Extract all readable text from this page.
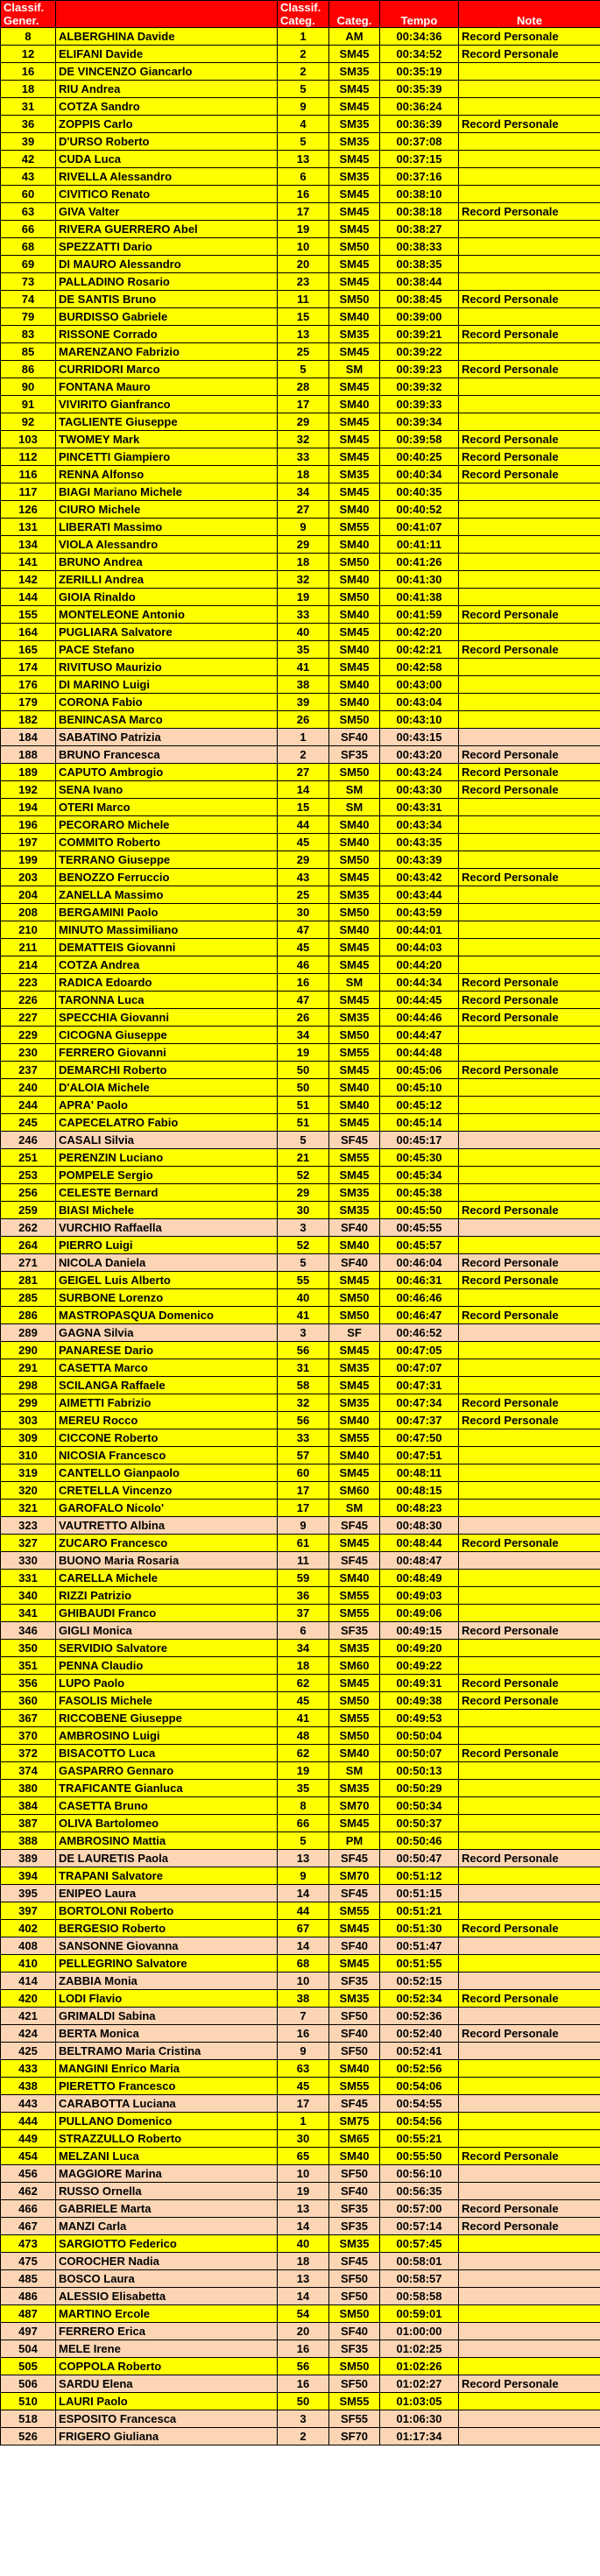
Classif.
Gener.		Classif.
Categ.	Categ.	Tempo	Note
8	ALBERGHINA Davide	1	AM	00:34:36	Record Personale
12	ELIFANI Davide	2	SM45	00:34:52	Record Personale
16	DE VINCENZO Giancarlo	2	SM35	00:35:19	
18	RIU Andrea	5	SM45	00:35:39	
31	COTZA Sandro	9	SM45	00:36:24	
36	ZOPPIS Carlo	4	SM35	00:36:39	Record Personale
39	D'URSO Roberto	5	SM35	00:37:08	
42	CUDA Luca	13	SM45	00:37:15	
43	RIVELLA Alessandro	6	SM35	00:37:16	
60	CIVITICO Renato	16	SM45	00:38:10	
63	GIVA Valter	17	SM45	00:38:18	Record Personale
66	RIVERA GUERRERO Abel	19	SM45	00:38:27	
68	SPEZZATTI Dario	10	SM50	00:38:33	
69	DI MAURO Alessandro	20	SM45	00:38:35	
73	PALLADINO Rosario	23	SM45	00:38:44	
74	DE SANTIS Bruno	11	SM50	00:38:45	Record Personale
79	BURDISSO Gabriele	15	SM40	00:39:00	
83	RISSONE Corrado	13	SM35	00:39:21	Record Personale
85	MARENZANO Fabrizio	25	SM45	00:39:22	
86	CURRIDORI Marco	5	SM	00:39:23	Record Personale
90	FONTANA Mauro	28	SM45	00:39:32	
91	VIVIRITO Gianfranco	17	SM40	00:39:33	
92	TAGLIENTE Giuseppe	29	SM45	00:39:34	
103	TWOMEY Mark	32	SM45	00:39:58	Record Personale
112	PINCETTI Giampiero	33	SM45	00:40:25	Record Personale
116	RENNA Alfonso	18	SM35	00:40:34	Record Personale
117	BIAGI Mariano Michele	34	SM45	00:40:35	
126	CIURO Michele	27	SM40	00:40:52	
131	LIBERATI Massimo	9	SM55	00:41:07	
134	VIOLA Alessandro	29	SM40	00:41:11	
141	BRUNO Andrea	18	SM50	00:41:26	
142	ZERILLI Andrea	32	SM40	00:41:30	
144	GIOIA Rinaldo	19	SM50	00:41:38	
155	MONTELEONE Antonio	33	SM40	00:41:59	Record Personale
164	PUGLIARA Salvatore	40	SM45	00:42:20	
165	PACE Stefano	35	SM40	00:42:21	Record Personale
174	RIVITUSO Maurizio	41	SM45	00:42:58	
176	DI MARINO Luigi	38	SM40	00:43:00	
179	CORONA Fabio	39	SM40	00:43:04	
182	BENINCASA Marco	26	SM50	00:43:10	
184	SABATINO Patrizia	1	SF40	00:43:15	
188	BRUNO Francesca	2	SF35	00:43:20	Record Personale
189	CAPUTO Ambrogio	27	SM50	00:43:24	Record Personale
192	SENA Ivano	14	SM	00:43:30	Record Personale
194	OTERI Marco	15	SM	00:43:31	
196	PECORARO Michele	44	SM40	00:43:34	
197	COMMITO Roberto	45	SM40	00:43:35	
199	TERRANO Giuseppe	29	SM50	00:43:39	
203	BENOZZO Ferruccio	43	SM45	00:43:42	Record Personale
204	ZANELLA Massimo	25	SM35	00:43:44	
208	BERGAMINI Paolo	30	SM50	00:43:59	
210	MINUTO Massimiliano	47	SM40	00:44:01	
211	DEMATTEIS Giovanni	45	SM45	00:44:03	
214	COTZA Andrea	46	SM45	00:44:20	
223	RADICA Edoardo	16	SM	00:44:34	Record Personale
226	TARONNA Luca	47	SM45	00:44:45	Record Personale
227	SPECCHIA Giovanni	26	SM35	00:44:46	Record Personale
229	CICOGNA Giuseppe	34	SM50	00:44:47	
230	FERRERO Giovanni	19	SM55	00:44:48	
237	DEMARCHI Roberto	50	SM45	00:45:06	Record Personale
240	D'ALOIA Michele	50	SM40	00:45:10	
244	APRA' Paolo	51	SM40	00:45:12	
245	CAPECELATRO Fabio	51	SM45	00:45:14	
246	CASALI Silvia	5	SF45	00:45:17	
251	PERENZIN Luciano	21	SM55	00:45:30	
253	POMPELE Sergio	52	SM45	00:45:34	
256	CELESTE Bernard	29	SM35	00:45:38	
259	BIASI Michele	30	SM35	00:45:50	Record Personale
262	VURCHIO Raffaella	3	SF40	00:45:55	
264	PIERRO Luigi	52	SM40	00:45:57	
271	NICOLA Daniela	5	SF40	00:46:04	Record Personale
281	GEIGEL Luis Alberto	55	SM45	00:46:31	Record Personale
285	SURBONE Lorenzo	40	SM50	00:46:46	
286	MASTROPASQUA Domenico	41	SM50	00:46:47	Record Personale
289	GAGNA Silvia	3	SF	00:46:52	
290	PANARESE Dario	56	SM45	00:47:05	
291	CASETTA Marco	31	SM35	00:47:07	
298	SCILANGA Raffaele	58	SM45	00:47:31	
299	AIMETTI Fabrizio	32	SM35	00:47:34	Record Personale
303	MEREU Rocco	56	SM40	00:47:37	Record Personale
309	CICCONE Roberto	33	SM55	00:47:50	
310	NICOSIA Francesco	57	SM40	00:47:51	
319	CANTELLO Gianpaolo	60	SM45	00:48:11	
320	CRETELLA Vincenzo	17	SM60	00:48:15	
321	GAROFALO Nicolo'	17	SM	00:48:23	
323	VAUTRETTO Albina	9	SF45	00:48:30	
327	ZUCARO Francesco	61	SM45	00:48:44	Record Personale
330	BUONO Maria Rosaria	11	SF45	00:48:47	
331	CARELLA Michele	59	SM40	00:48:49	
340	RIZZI Patrizio	36	SM55	00:49:03	
341	GHIBAUDI Franco	37	SM55	00:49:06	
346	GIGLI Monica	6	SF35	00:49:15	Record Personale
350	SERVIDIO Salvatore	34	SM35	00:49:20	
351	PENNA Claudio	18	SM60	00:49:22	
356	LUPO Paolo	62	SM45	00:49:31	Record Personale
360	FASOLIS Michele	45	SM50	00:49:38	Record Personale
367	RICCOBENE Giuseppe	41	SM55	00:49:53	
370	AMBROSINO Luigi	48	SM50	00:50:04	
372	BISACOTTO Luca	62	SM40	00:50:07	Record Personale
374	GASPARRO Gennaro	19	SM	00:50:13	
380	TRAFICANTE Gianluca	35	SM35	00:50:29	
384	CASETTA Bruno	8	SM70	00:50:34	
387	OLIVA Bartolomeo	66	SM45	00:50:37	
388	AMBROSINO Mattia	5	PM	00:50:46	
389	DE LAURETIS Paola	13	SF45	00:50:47	Record Personale
394	TRAPANI Salvatore	9	SM70	00:51:12	
395	ENIPEO Laura	14	SF45	00:51:15	
397	BORTOLONI Roberto	44	SM55	00:51:21	
402	BERGESIO Roberto	67	SM45	00:51:30	Record Personale
408	SANSONNE Giovanna	14	SF40	00:51:47	
410	PELLEGRINO Salvatore	68	SM45	00:51:55	
414	ZABBIA Monia	10	SF35	00:52:15	
420	LODI Flavio	38	SM35	00:52:34	Record Personale
421	GRIMALDI Sabina	7	SF50	00:52:36	
424	BERTA Monica	16	SF40	00:52:40	Record Personale
425	BELTRAMO Maria Cristina	9	SF50	00:52:41	
433	MANGINI Enrico Maria	63	SM40	00:52:56	
438	PIERETTO Francesco	45	SM55	00:54:06	
443	CARABOTTA Luciana	17	SF45	00:54:55	
444	PULLANO Domenico	1	SM75	00:54:56	
449	STRAZZULLO Roberto	30	SM65	00:55:21	
454	MELZANI Luca	65	SM40	00:55:50	Record Personale
456	MAGGIORE Marina	10	SF50	00:56:10	
462	RUSSO Ornella	19	SF40	00:56:35	
466	GABRIELE Marta	13	SF35	00:57:00	Record Personale
467	MANZI Carla	14	SF35	00:57:14	Record Personale
473	SARGIOTTO Federico	40	SM35	00:57:45	
475	COROCHER Nadia	18	SF45	00:58:01	
485	BOSCO Laura	13	SF50	00:58:57	
486	ALESSIO Elisabetta	14	SF50	00:58:58	
487	MARTINO Ercole	54	SM50	00:59:01	
497	FERRERO Erica	20	SF40	01:00:00	
504	MELE Irene	16	SF35	01:02:25	
505	COPPOLA Roberto	56	SM50	01:02:26	
506	SARDU Elena	16	SF50	01:02:27	Record Personale
510	LAURI Paolo	50	SM55	01:03:05	
518	ESPOSITO Francesca	3	SF55	01:06:30	
526	FRIGERO Giuliana	2	SF70	01:17:34	
